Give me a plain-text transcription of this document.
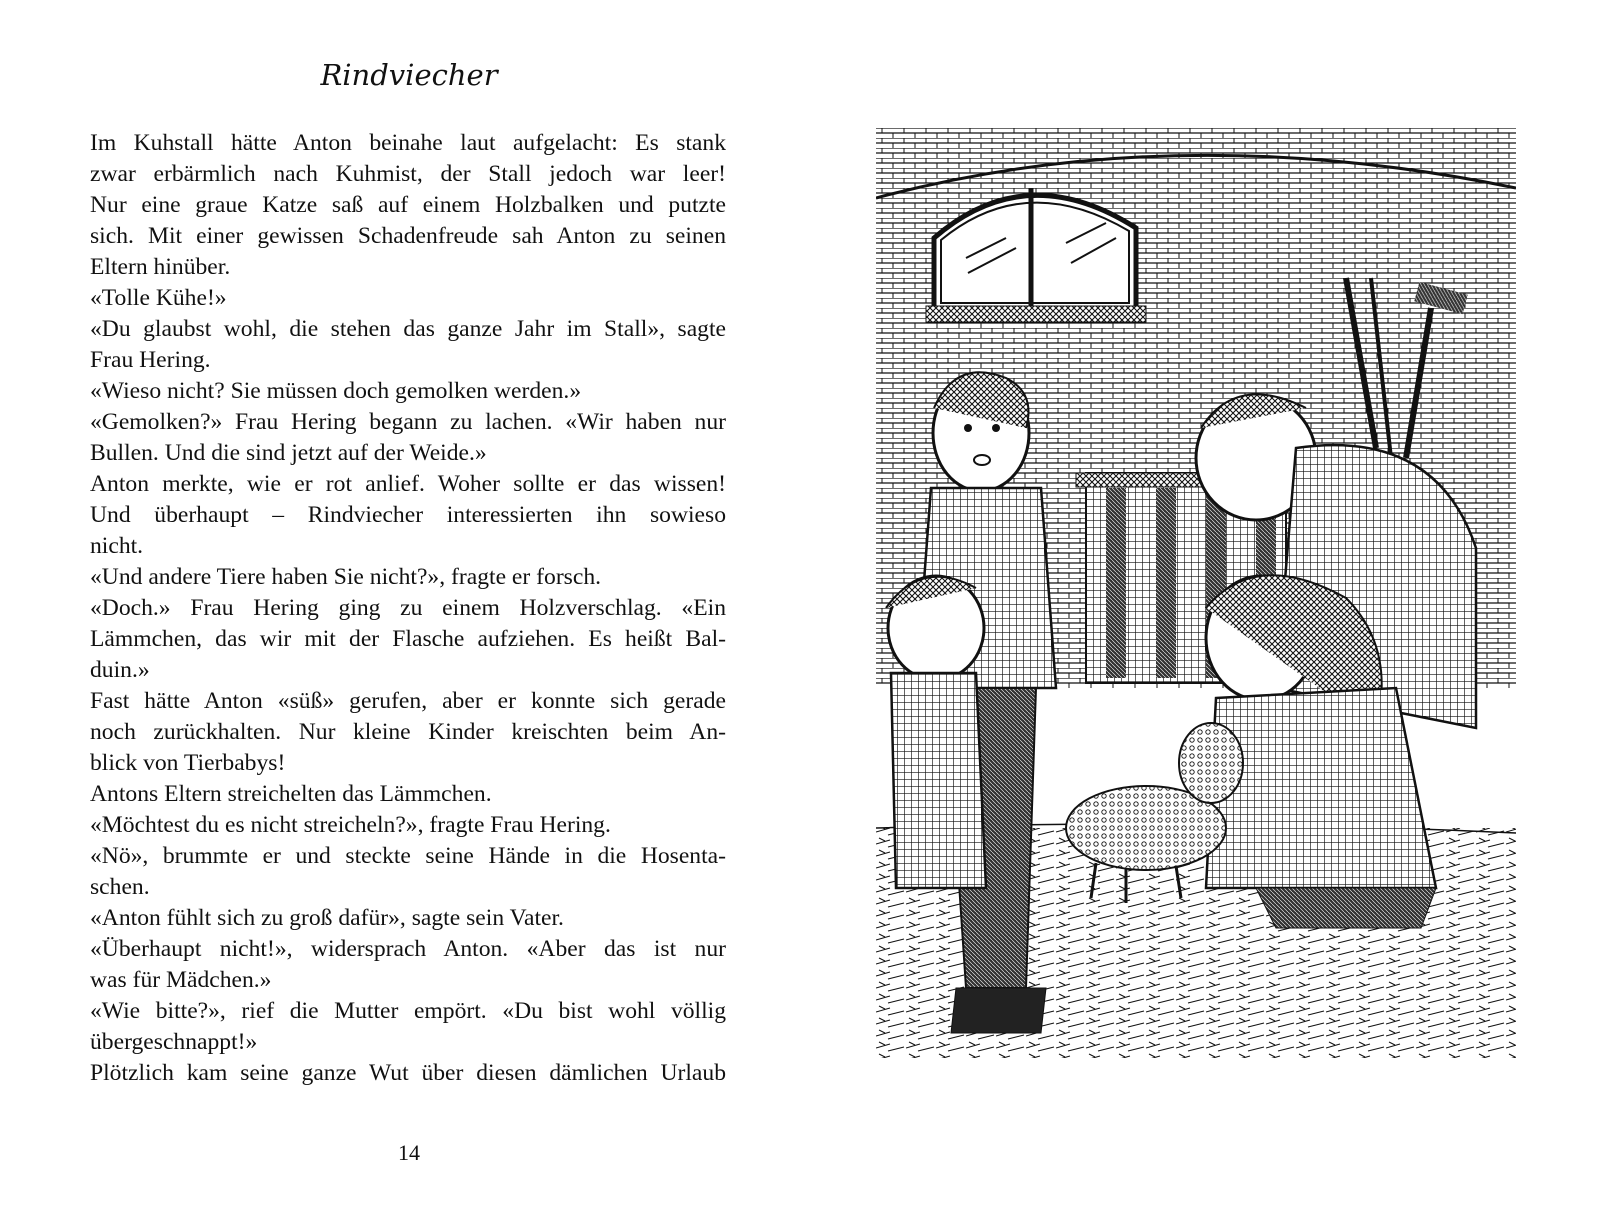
Rindviecher
Im Kuhstall hätte Anton beinahe laut aufgelacht: Es stank
zwar erbärmlich nach Kuhmist, der Stall jedoch war leer!
Nur eine graue Katze saß auf einem Holzbalken und putzte
sich. Mit einer gewissen Schadenfreude sah Anton zu seinen
Eltern hinüber.
«Tolle Kühe!»
«Du glaubst wohl, die stehen das ganze Jahr im Stall», sagte
Frau Hering.
«Wieso nicht? Sie müssen doch gemolken werden.»
«Gemolken?» Frau Hering begann zu lachen. «Wir haben nur
Bullen. Und die sind jetzt auf der Weide.»
Anton merkte, wie er rot anlief. Woher sollte er das wissen!
Und überhaupt – Rindviecher interessierten ihn sowieso
nicht.
«Und andere Tiere haben Sie nicht?», fragte er forsch.
«Doch.» Frau Hering ging zu einem Holzverschlag. «Ein
Lämmchen, das wir mit der Flasche aufziehen. Es heißt Bal-
duin.»
Fast hätte Anton «süß» gerufen, aber er konnte sich gerade
noch zurückhalten. Nur kleine Kinder kreischten beim An-
blick von Tierbabys!
Antons Eltern streichelten das Lämmchen.
«Möchtest du es nicht streicheln?», fragte Frau Hering.
«Nö», brummte er und steckte seine Hände in die Hosenta-
schen.
«Anton fühlt sich zu groß dafür», sagte sein Vater.
«Überhaupt nicht!», widersprach Anton. «Aber das ist nur
was für Mädchen.»
«Wie bitte?», rief die Mutter empört. «Du bist wohl völlig
übergeschnappt!»
Plötzlich kam seine ganze Wut über diesen dämlichen Urlaub
14
